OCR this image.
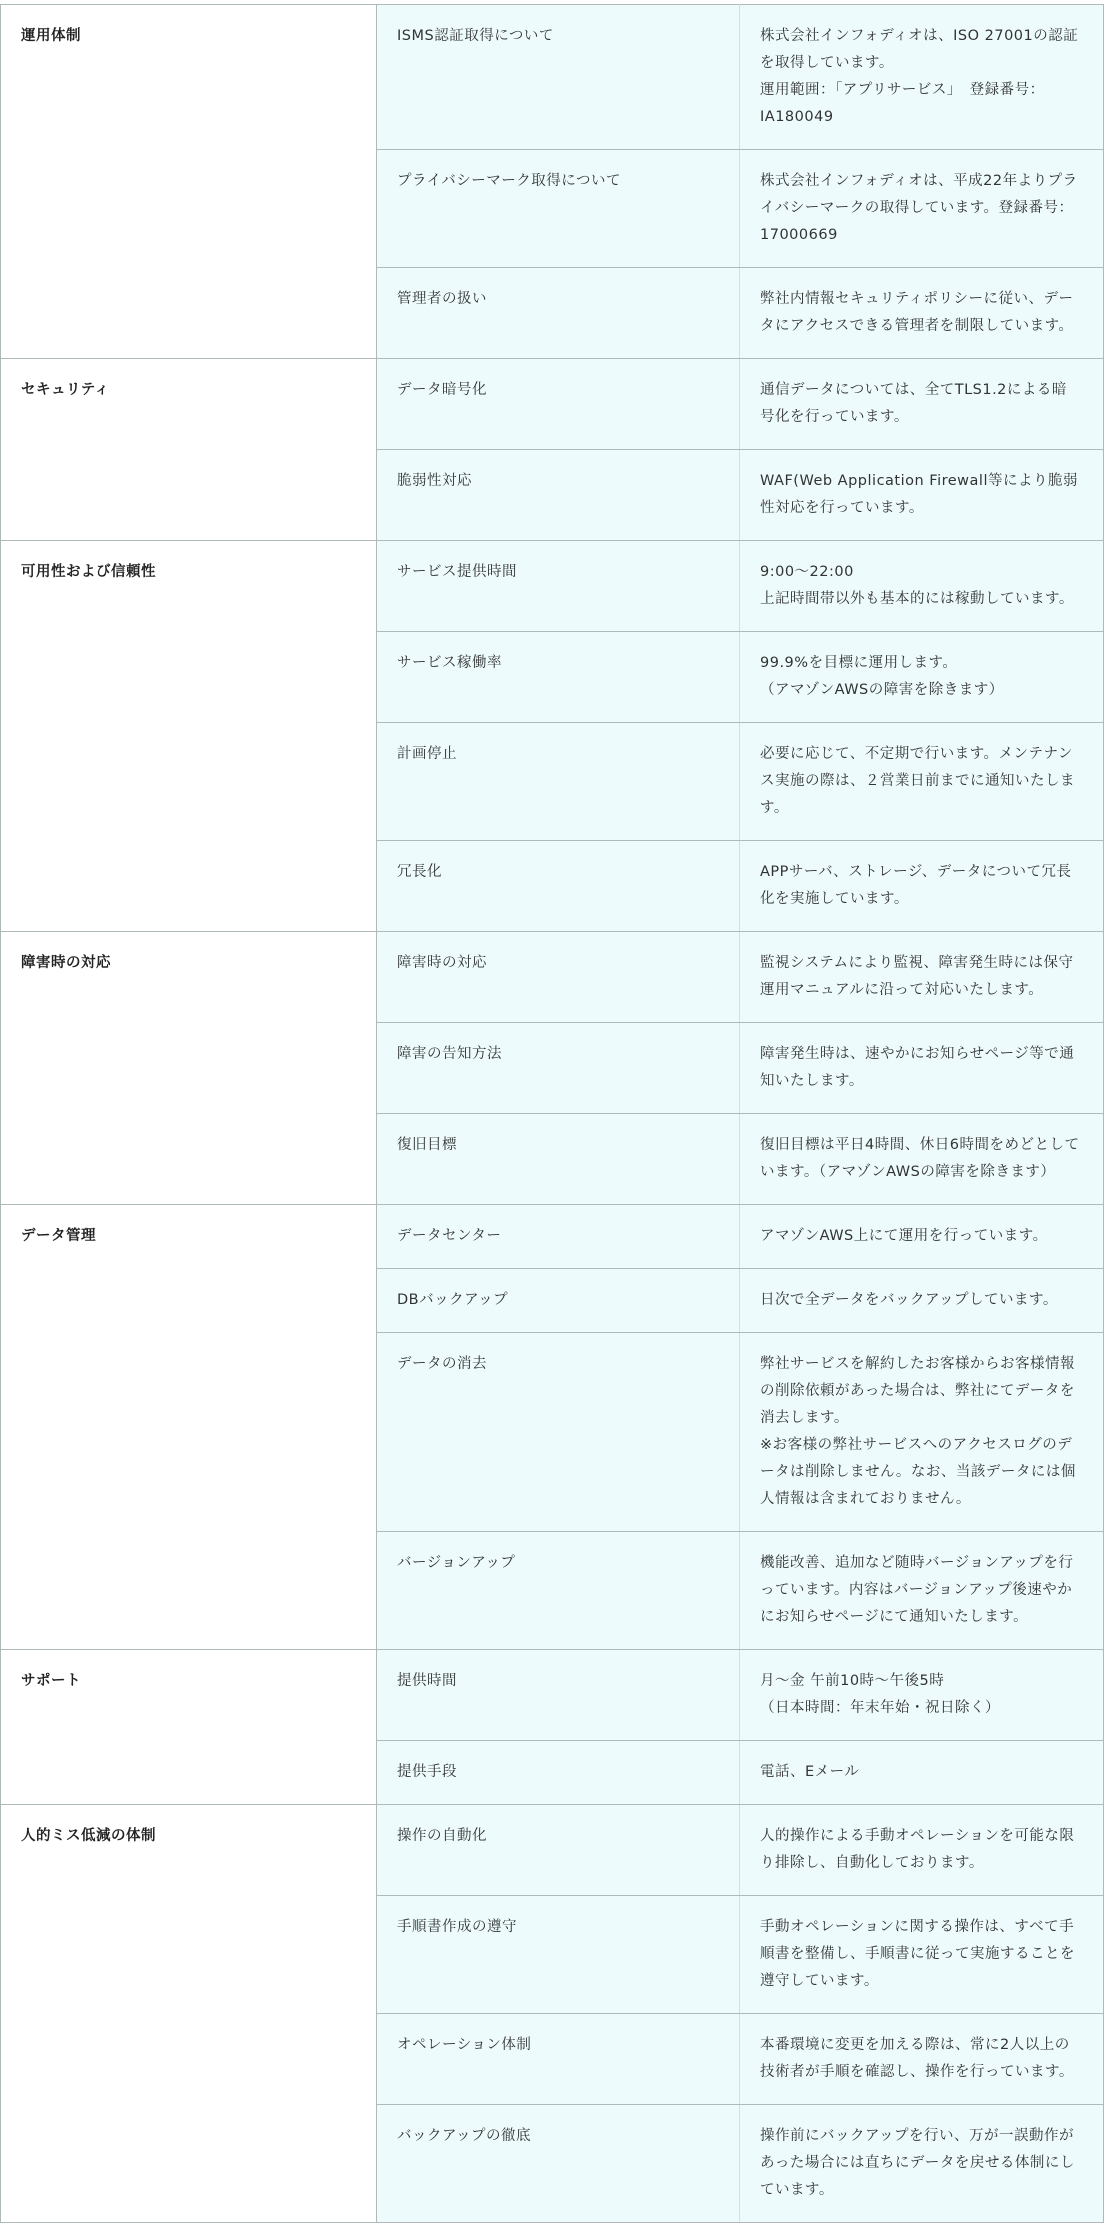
運用体制	ISMS認証取得について	株式会社インフォディオは、ISO 27001の認証を取得しています。
運用範囲：「アプリサービス」　登録番号：IA180049

	プライバシーマーク取得について	株式会社インフォディオは、平成22年よりプライバシーマークの取得しています。登録番号：17000669

	管理者の扱い	弊社内情報セキュリティポリシーに従い、データにアクセスできる管理者を制限しています。

セキュリティ	データ暗号化	通信データについては、全てTLS1.2による暗号化を行っています。

	脆弱性対応	WAF(Web Application Firewall等により脆弱性対応を行っています。

可用性および信頼性	サービス提供時間	9:00〜22:00
上記時間帯以外も基本的には稼動しています。

	サービス稼働率	99.9%を目標に運用します。
（アマゾンAWSの障害を除きます）

	計画停止	必要に応じて、不定期で行います。メンテナンス実施の際は、２営業日前までに通知いたします。

	冗長化	APPサーバ、ストレージ、データについて冗長化を実施しています。

障害時の対応	障害時の対応	監視システムにより監視、障害発生時には保守運用マニュアルに沿って対応いたします。

	障害の告知方法	障害発生時は、速やかにお知らせページ等で通知いたします。

	復旧目標	復旧目標は平日4時間、休日6時間をめどとしています。（アマゾンAWSの障害を除きます）

データ管理	データセンター	アマゾンAWS上にて運用を行っています。

	DBバックアップ	日次で全データをバックアップしています。

	データの消去	弊社サービスを解約したお客様からお客様情報の削除依頼があった場合は、弊社にてデータを消去します。
※お客様の弊社サービスへのアクセスログのデータは削除しません。なお、当該データには個人情報は含まれておりません。

	バージョンアップ	機能改善、追加など随時バージョンアップを行っています。内容はバージョンアップ後速やかにお知らせページにて通知いたします。

サポート	提供時間	月〜金 午前10時〜午後5時
（日本時間：年末年始・祝日除く）

	提供手段	電話、Eメール

人的ミス低減の体制	操作の自動化	人的操作による手動オペレーションを可能な限り排除し、自動化しております。

	手順書作成の遵守	手動オペレーションに関する操作は、すべて手順書を整備し、手順書に従って実施することを遵守しています。

	オペレーション体制	本番環境に変更を加える際は、常に2人以上の技術者が手順を確認し、操作を行っています。

	バックアップの徹底	操作前にバックアップを行い、万が一誤動作があった場合には直ちにデータを戻せる体制にしています。
